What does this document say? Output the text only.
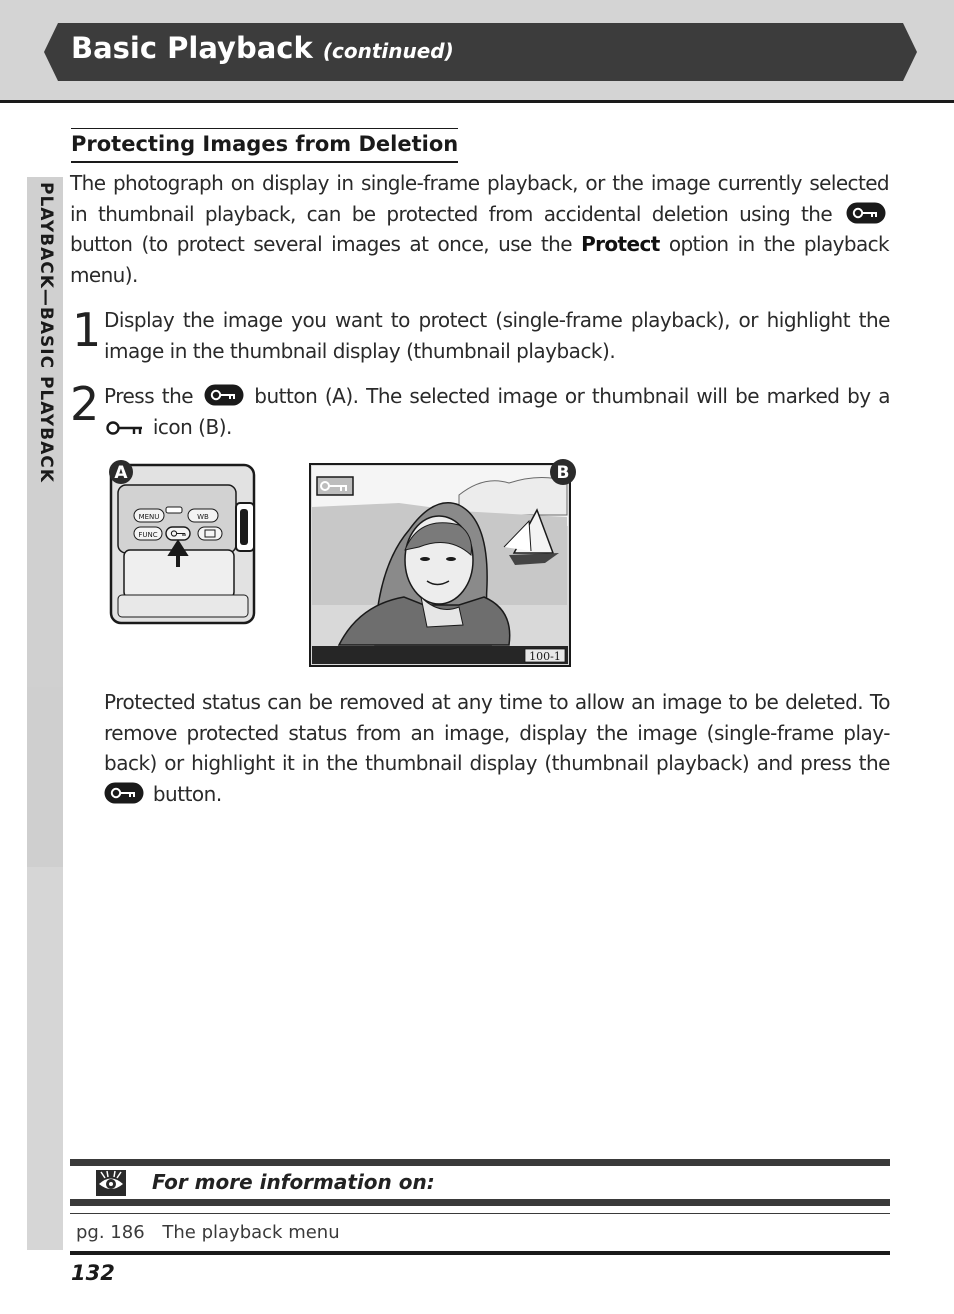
Basic Playback (continued)
PLAYBACK—BASIC PLAYBACK
Protecting Images from Deletion
The photograph on display in single-frame playback, or the image currently selected in thumbnail playback, can be protected from accidental deletion using the  button (to protect several images at once, use the Protect option in the playback menu).
1 Display the image you want to protect (single-frame playback), or highlight the image in the thumbnail display (thumbnail playback).
2 Press the	button (A). The selected image or thumbnail will be marked by a  icon (B).
MENU	WB
FUNC
A
100-1
B
Protected status can be removed at any time to allow an image to be deleted. To remove protected status from an image, display the image (single-frame play-back) or highlight it in the thumbnail display (thumbnail playback) and press the  button.
For more information on:
pg. 186 The playback menu
132
